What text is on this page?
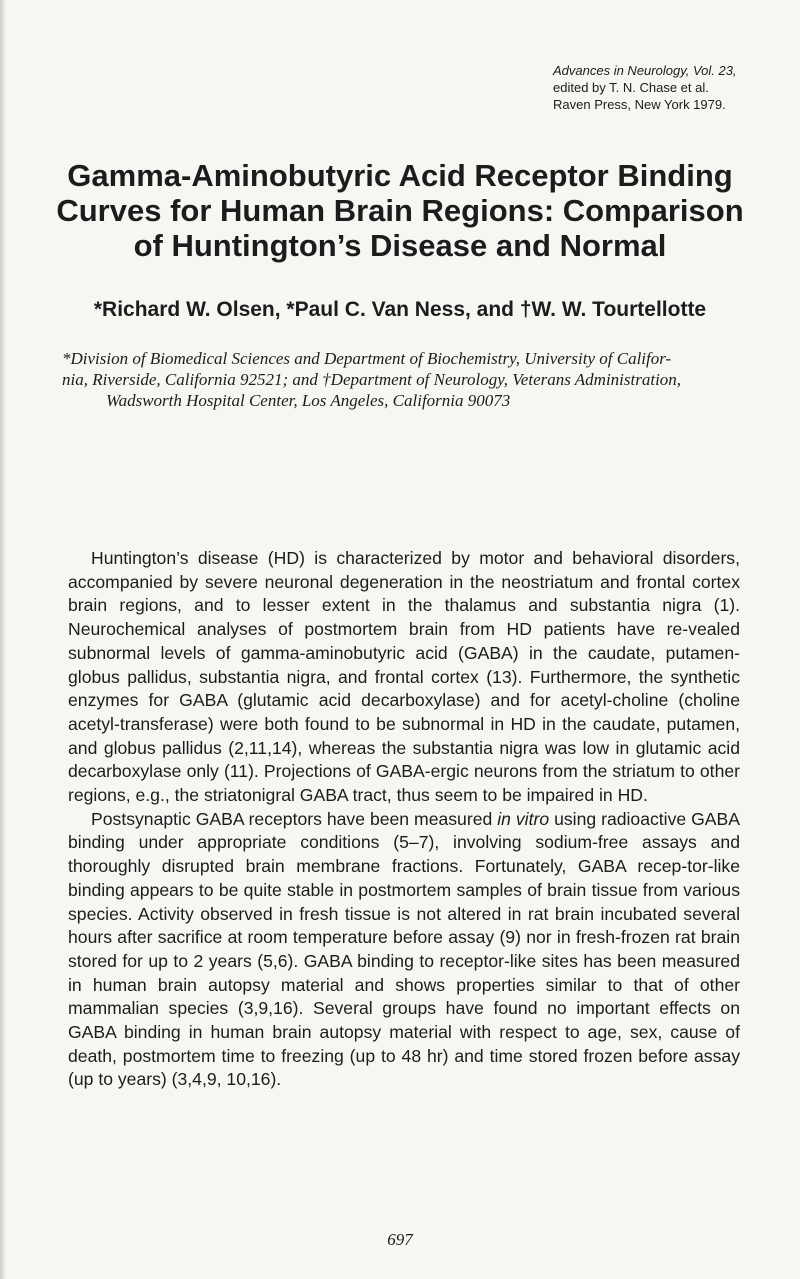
Advances in Neurology, Vol. 23,
edited by T. N. Chase et al.
Raven Press, New York 1979.
Gamma-Aminobutyric Acid Receptor Binding
Curves for Human Brain Regions: Comparison
of Huntington’s Disease and Normal
*Richard W. Olsen, *Paul C. Van Ness, and †W. W. Tourtellotte
*Division of Biomedical Sciences and Department of Biochemistry, University of Califor-
nia, Riverside, California 92521; and †Department of Neurology, Veterans Administration,
Wadsworth Hospital Center, Los Angeles, California 90073

Huntington’s disease (HD) is characterized by motor and behavioral disorders, accompanied by severe neuronal degeneration in the neostriatum and frontal cortex brain regions, and to lesser extent in the thalamus and substantia nigra (1). Neurochemical analyses of postmortem brain from HD patients have re-vealed subnormal levels of gamma-aminobutyric acid (GABA) in the caudate, putamen-globus pallidus, substantia nigra, and frontal cortex (13). Furthermore, the synthetic enzymes for GABA (glutamic acid decarboxylase) and for acetyl-choline (choline acetyl-transferase) were both found to be subnormal in HD in the caudate, putamen, and globus pallidus (2,11,14), whereas the substantia nigra was low in glutamic acid decarboxylase only (11). Projections of GABA-ergic neurons from the striatum to other regions, e.g., the striatonigral GABA tract, thus seem to be impaired in HD.

Postsynaptic GABA receptors have been measured in vitro using radioactive GABA binding under appropriate conditions (5–7), involving sodium-free assays and thoroughly disrupted brain membrane fractions. Fortunately, GABA recep-tor-like binding appears to be quite stable in postmortem samples of brain tissue from various species. Activity observed in fresh tissue is not altered in rat brain incubated several hours after sacrifice at room temperature before assay (9) nor in fresh-frozen rat brain stored for up to 2 years (5,6). GABA binding to receptor-like sites has been measured in human brain autopsy material and shows properties similar to that of other mammalian species (3,9,16). Several groups have found no important effects on GABA binding in human brain autopsy material with respect to age, sex, cause of death, postmortem time to freezing (up to 48 hr) and time stored frozen before assay (up to years) (3,4,9, 10,16).

697
